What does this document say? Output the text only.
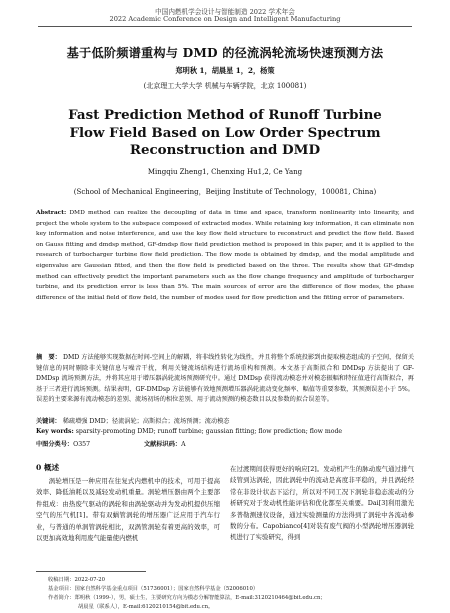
中国内燃机学会设计与智能制造 2022 学术年会
2022 Academic Conference on Design and Intelligent Manufacturing
基于低阶频谱重构与 DMD 的径流涡轮流场快速预测方法
郑明秋 1，胡晨星 1，2，杨策
(北京理工大学大学 机械与车辆学院，北京 100081)
Fast Prediction Method of Runoff Turbine Flow Field Based on Low Order Spectrum Reconstruction and DMD
Mingqiu Zheng1, Chenxing Hu1,2, Ce Yang
(School of Mechanical Engineering，Beijing Institute of Technology，100081, China)
Abstract: DMD method can realize the decoupling of data in time and space, transform nonlinearity into linearity, and project the whole system to the subspace composed of extracted modes. While retaining key information, it can eliminate non key information and noise interference, and use the key flow field structure to reconstruct and predict the flow field. Based on Gauss fitting and dmdsp method, GF-dmdsp flow field prediction method is proposed in this paper, and it is applied to the research of turbocharger turbine flow field prediction. The flow mode is obtained by dmdsp, and the modal amplitude and eigenvalue are Gaussian fitted, and then the flow field is predicted based on the three. The results show that GF-dmdsp method can effectively predict the important parameters such as the flow change frequency and amplitude of turbocharger turbine, and its prediction error is less than 5%. The main sources of error are the difference of flow modes, the phase difference of the initial field of flow field, the number of modes used for flow prediction and the fitting error of parameters.
摘　要： DMD 方法能够实现数据在时间-空间上的解耦，将非线性转化为线性，并且将整个系统投影到由提取模态组成的子空间，保留关键信息的同时剔除非关键信息与噪音干扰，利用关键流场结构进行流场重构和预测。本文基于高斯拟合和 DMDsp 方法提出了 GF-DMDsp 流场预测方法，并将其应用于增压器涡轮流场预测研究中。通过 DMDsp 获得流动模态并对模态振幅和特征值进行高斯拟合，再基于三者进行流场预测。结果表明，GF-DMDsp 方法能够有效地预测增压器涡轮流动变化频率、幅值等重要参数，其预测误差小于 5%。误差的主要来源有流动模态的差别、流场初场的相位差别、用于流动预测的模态数目以及参数的拟合误差等。
关键词： 稀疏增强 DMD；径流涡轮；高斯拟合；流场预测；流动模态
Key words: sparsity-promoting DMD; runoff turbine; gaussian fitting; flow prediction; flow mode
中图分类号：O357	文献标识码：A
0 概述
涡轮增压是一种应用在往复式内燃机中的技术，可用于提高效率、降低油耗以及减轻发动机重量。涡轮增压器由两个主要部件组成：由热废气驱动的涡轮和由涡轮驱动并为发动机提供压缩空气的压气机[1]。带有双蜗管涡轮的增压器广泛应用于汽车行业，与普通的单涡管涡轮相比，双涡管涡轮有着更高的效率，可以更加高效地利用废气能量使内燃机
在过渡期间获得更好的响应[2]。发动机产生的脉动废气通过排气歧管到达涡轮，因此涡轮中的流动是高度非平稳的，并且涡轮经常在非设计状态下运行，所以对不同工况下涡轮非稳态流动的分析研究对于发动机性能评估和优化都至关重要。Dai[3]利用激光多普勒测速仪设备，通过实验测量的方法得到了涡轮中各流动参数的分布。Capobianco[4]对装有废气阀的小型涡轮增压器涡轮机进行了实验研究，得到
收稿日期：2022-07-20
基金项目：国家自然科学基金重点项目（51736001）；国家自然科学基金（52006010）
作者简介：郑明秋（1999-），男，硕士生，主要研究方向为模态分解智能算法，E-mail:3120210464@bit.edu.cn；
胡晨星（联系人），E-mail:6120210154@bit.edu.cn。
